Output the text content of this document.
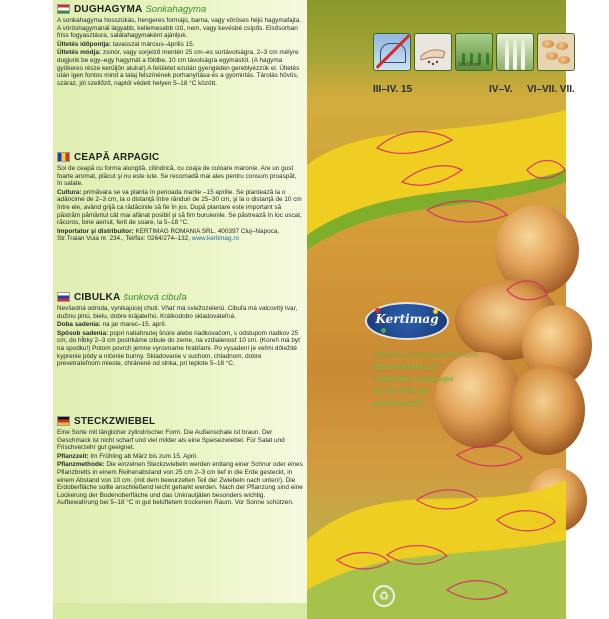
DUGHAGYMA Sonkahagyma

A sonkahagyma hosszúkás, hengeres formájú, barna, vagy vöröses héjú hagymafajta. A vöröshagymánál lágyabb, kellemesebb ízű, nem, vagy kevésbé csípős. Elsősorban friss fogyasztásra, salátahagymaként ajánljuk.

Ültetés időpontja: tavasszal március–április 15.

Ültetés módja: zsinór, vagy sorjelző mentén 25 cm–es sortávolságra, 2–3 cm mélyre dugjunk be egy–egy hagymát a földbe, 10 cm távolságra egymástól. (A hagyma gyökeres része kerüljön alulra!) A felületet ezután gyengéden gereblyézzük el. Ültetés után igen fontos mind a talaj felszínének porhanyítása és a gyomirtás. Tárolás hűvös, száraz, jól szellőző, naptól védett helyen 5–18 °C között.

CEAPĂ ARPAGIC

Soi de ceapă cu forma alungită, cilindrică, cu coaja de culoare maronie. Are un gust foarte aromat, plăcut şi nu este iute. Se recomadă mai ales pentru consum proaspăt, în salate.

Cultura: primăvara se va planta în perioada martie –15 aprilie. Se plantează la o adâncime de 2–3 cm, la o distanţă între rânduri de 25–30 cm, şi la o distanţă de 10 cm între ele, având grijă ca rădăcinile să fie în jos. După plantare este important să păstrăm pământul cât mai afânat posibil şi să fim buruienile. Se păstrează în loc uscat, răcoros, bine aerisit, ferit de soare, la 5–18 °C.

Importator şi distribuitor: KERTIMAG ROMANIA SRL. 400397 Cluj–Napoca, Str.Traian Vuia nr. 234., Tel/fax: 0264/274–132, www.kertimag.ro

CIBULKA šunková cibuľa

Nevšedná odroda, vynikajúcej chuti. Vňať má sviežozelenú. Cibuľa má valcovitý tvar, dužinu plnú, bielu, dobre krájateľnú. Krátkodobo skladovateľná.

Doba sadenia: na jar marec–15. apríl.

Spôsob sadenia: popri natiahnutej šnúre alebo riadkovačom, s odstupom riadkov 25 cm, do hĺbky 2–3 cm postrkáme cibule do zeme, na vzdialenosť 10 cm. (Koreň má byť na spodku!) Potom povrch jemne vyrovname hrabľami. Po vysadení je veľmi dôležité kyprenie pôdy a ničenie buriny. Skladovanie v suchom, chladnom, dobre prevetrateľnom mieste, chránené od slnka, pri teplote 5–18 °C.

STECKZWIEBEL

Eine Sorte mit länglicher zylindrischer Form. Die Außenschale ist braun. Der Geschmack ist nicht scharf und viel milder als eine Speisezwiebel. Für Salat und Frischverzehr gut geeignet.

Pflanzzeit: Im Frühling ab März bis zum 15. April.

Pflanzmethode: Die einzelnen Steckzwiebeln werden entlang einer Schnur oder eines Pflanzbretts in einem Reihenabstand von 25 cm 2–3 cm tief in die Erde gesteckt, in einem Abstand von 10 cm. (mit dem bewurzelten Teil der Zwiebeln nach unten!). Die Erdoberfläche sollte anschließend leicht geharkt werden. Nach der Pflanzung sind eine Lockerung der Bodenoberfläche und das Unkrautjäten besonders wichtig. Aufbewahrung bei 5–18 °C in gut belüftetem trockenen Raum. Vor Sonne schützen.

10x10 cm
III–IV. 15	IV–V. VI–VII. VII.
Kertimag
Gyártó/Production/Výrobca/Producent:
RÉDEI KERTIMAG ZRT
H-2886 Réde, Lesajta major
Tel.: 06-34-574-100
www.kertimag.hu
♻
